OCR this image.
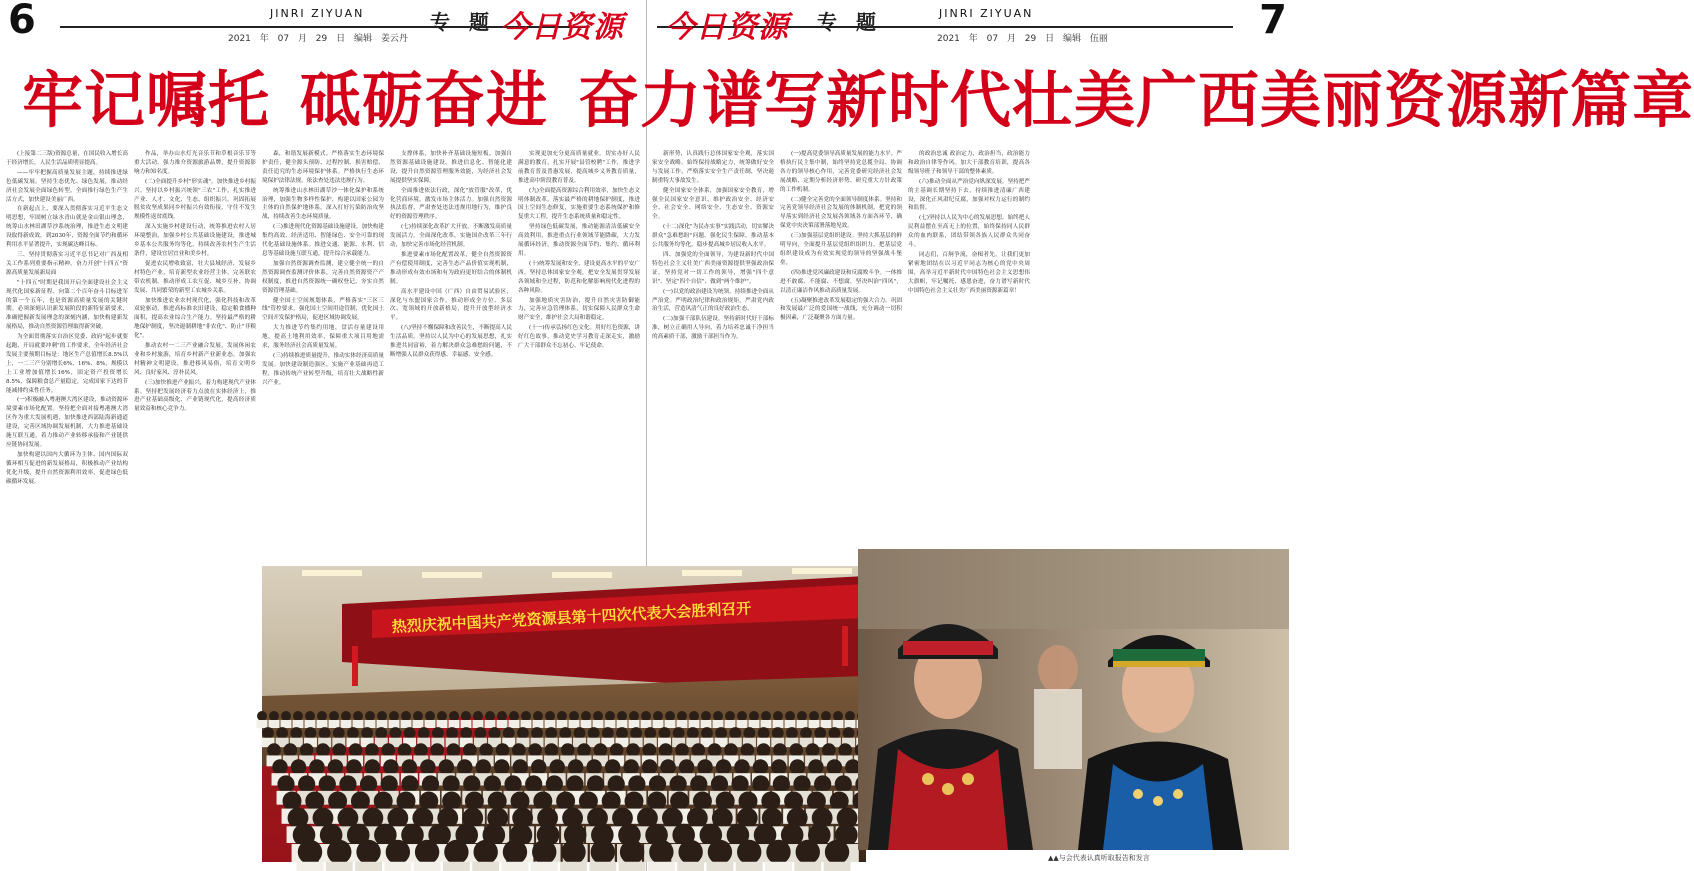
6	JINRI ZIYUAN	专 题 今日资源
2021 年 07 月 29 日 编辑 姜云丹	7
今日资源 专 题	JINRI ZIYUAN
2021 年 07 月 29 日 编辑 伍丽
牢记嘱托 砥砺奋进 奋力谱写新时代壮美广西美丽资源新篇章

(上接第二三版)资源总量，在国民收入增长高于经济增长，人民生活品质明显提高。

——牢牢把握高质量发展主题，持续推进绿色低碳发展。坚持生态优先、绿色发展，推动经济社会发展全面绿色转型。全面推行绿色生产生活方式，加快建设美丽广西。

在新起点上，要深入贯彻落实习近平生态文明思想，牢固树立绿水青山就是金山银山理念，统筹山水林田湖草沙系统治理，推进生态文明建设取得新成效。到2030年，资源全面节约和循环利用水平显著提升，实现碳达峰目标。

三、坚持贯彻落实习近平总书记对广西及相关工作系列重要指示精神，奋力开创"十四五"资源高质量发展新局面

"十四五"时期是我国开启全面建设社会主义现代化国家新征程、向第二个百年奋斗目标进军的第一个五年，也是资源高质量发展的关键时期。必须深刻认识新发展阶段的新特征新要求，准确把握新发展理念的深刻内涵，加快构建新发展格局，推动自然资源管理取得新突破。

为全面贯彻落实自治区党委、政府"起步就要起跑、开局就要冲刺"的工作要求，全年经济社会发展主要预期目标是：地区生产总值增长8.5%以上，一二三产分别增长6%、16%、8%，规模以上工业增加值增长16%，固定资产投资增长8.5%，保障粮食总产量稳定，完成国家下达的节能减排约束性任务。

(一)积极融入粤港澳大湾区建设，推动资源环境要素市场化配置。坚持把全面对接粤港澳大湾区作为重大发展机遇，加快推进西部陆海新通道建设，完善区域协调发展机制，大力推进基础设施互联互通，着力推动产业转移承接和产业链供应链协同发展。

加快构建以国内大循环为主体、国内国际双循环相互促进的新发展格局，积极推动产业结构优化升级，提升自然资源利用效率，促进绿色低碳循环发展。

作品，举办山水灯光音乐节和草根音乐节等重大活动。强力推介资源旅游品牌，提升资源影响力和知名度。

(二)全面提升乡村"形实魂"，加快推进乡村振兴。坚持以乡村振兴统领"三农"工作，扎实推进产业、人才、文化、生态、组织振兴。巩固拓展脱贫攻坚成果同乡村振兴有效衔接，守住不发生规模性返贫底线。

深入实施乡村建设行动，统筹推进农村人居环境整治，加强乡村公共基础设施建设，推进城乡基本公共服务均等化。持续改善农村生产生活条件，建设宜居宜业和美乡村。

促进农民增收致富，壮大县域经济，发展乡村特色产业，培育新型农业经营主体，完善联农带农机制。推动形成工农互促、城乡互补、协调发展、共同繁荣的新型工农城乡关系。

加快推进农业农村现代化，强化科技和改革双轮驱动，推进高标准农田建设，稳定粮食播种面积，提高农业综合生产能力。坚持最严格的耕地保护制度，坚决遏制耕地"非农化"、防止"非粮化"。

推动农村一二三产业融合发展，发展休闲农业和乡村旅游，培育乡村新产业新业态。加强农村精神文明建设，推进移风易俗，培育文明乡风、良好家风、淳朴民风。

(三)加快推进产业振兴，着力构建现代产业体系。坚持把发展经济着力点放在实体经济上，推进产业基础高级化、产业链现代化，提高经济质量效益和核心竞争力。

森，和谐发展新模式。严格落实生态环境保护责任，健全源头预防、过程控制、损害赔偿、责任追究的生态环境保护体系。严格执行生态环境保护法律法规，依法查处违法违规行为。

统筹推进山水林田湖草沙一体化保护和系统治理，加强生物多样性保护，构建以国家公园为主体的自然保护地体系。深入打好污染防治攻坚战，持续改善生态环境质量。

(三)推进现代化资源基础设施建设。加快构建集约高效、经济适用、智能绿色、安全可靠的现代化基础设施体系。推进交通、能源、水利、信息等基础设施互联互通，提升综合承载能力。

加强自然资源调查监测，建立健全统一的自然资源调查监测评价体系，完善自然资源资产产权制度，推进自然资源统一确权登记，夯实自然资源管理基础。

健全国土空间规划体系，严格落实"三区三线"管控要求，强化国土空间用途管制，优化国土空间开发保护格局，促进区域协调发展。

大力推进节约集约用地，盘活存量建设用地，提高土地利用效率，保障重大项目用地需求，服务经济社会高质量发展。

(三)持续推进质量提升，推动实体经济高质量发展。加快建设制造强区，实施产业基础再造工程，推动传统产业转型升级，培育壮大战略性新兴产业。

支撑体系，加快补齐基础设施短板。加强自然资源基础设施建设，推进信息化、智能化建设，提升自然资源管理服务效能，为经济社会发展提供坚实保障。

全面推进依法行政，深化"放管服"改革，优化营商环境，激发市场主体活力。加强自然资源执法监督，严肃查处违法违规用地行为，维护良好的资源管理秩序。

(七)持续深化改革扩大开放，不断激发高质量发展活力。全面深化改革，实施国企改革三年行动，加快完善市场化经营机制。

推进要素市场化配置改革，健全自然资源资产有偿使用制度，完善生态产品价值实现机制，推动形成有效市场和有为政府更好结合的体制机制。

高水平建设中国（广西）自由贸易试验区，深化与东盟国家合作，推动形成全方位、多层次、宽领域的开放新格局，提升开放型经济水平。

(八)坚持不懈保障和改善民生，不断提高人民生活品质。坚持以人民为中心的发展思想，扎实推进共同富裕，着力解决群众急难愁盼问题，不断增强人民群众获得感、幸福感、安全感。

实现更加充分更高质量就业。切实办好人民满意的教育，扎实开展"县管校聘"工作，推进学前教育普及普惠发展，提高城乡义务教育质量，推进高中阶段教育普及。

(九)全面提高资源综合利用效率，加快生态文明体制改革。落实最严格的耕地保护制度，推进国土空间生态修复，实施重要生态系统保护和修复重大工程，提升生态系统质量和稳定性。

坚持绿色低碳发展，推动能源清洁低碳安全高效利用，推进重点行业领域节能降碳，大力发展循环经济，推动资源全面节约、集约、循环利用。

(十)统筹发展和安全，建设更高水平的平安广西。坚持总体国家安全观，把安全发展贯穿发展各领域和全过程，防范和化解影响现代化进程的各种风险。

加强地质灾害防治，提升自然灾害防御能力，完善应急管理体系，切实保障人民群众生命财产安全，维护社会大局和谐稳定。

(十一)传承弘扬红色文化。用好红色资源，讲好红色故事，推动党史学习教育走深走实，激励广大干部群众不忘初心、牢记使命。

新形势，认真践行总体国家安全观，落实国家安全战略。始终保持战略定力，统筹做好安全与发展工作，严格落实安全生产责任制，坚决遏制重特大事故发生。

健全国家安全体系，加强国家安全教育，增强全民国家安全意识，维护政治安全、经济安全、社会安全、网络安全、生态安全、资源安全。

(十二)深化"为民办实事"实践活动，切实解决群众"急难愁盼"问题。强化民生保障，推动基本公共服务均等化，稳步提高城乡居民收入水平。

四、加强党的全面领导，为建设新时代中国特色社会主义壮美广西美丽资源提供坚强政治保证。坚持党对一切工作的领导，增强"四个意识"、坚定"四个自信"、做到"两个维护"。

(一)以党的政治建设为统领，持续推进全面从严治党。严明政治纪律和政治规矩，严肃党内政治生活，营造风清气正的良好政治生态。

(二)加强干部队伍建设。坚持新时代好干部标准，树立正确用人导向，着力培养忠诚干净担当的高素质干部，激励干部担当作为。

(一)提高党委领导高质量发展的能力水平。严格执行民主集中制，始终坚持党总揽全局、协调各方的领导核心作用，完善党委研究经济社会发展战略、定期分析经济形势、研究重大方针政策的工作机制。

(二)健全完善党的全面领导制度体系。坚持和完善党领导经济社会发展的体制机制，把党的领导落实到经济社会发展各领域各方面各环节，确保党中央决策部署落地见效。

(三)加强基层党组织建设。坚持大抓基层的鲜明导向，全面提升基层党组织组织力，把基层党组织建设成为有效实现党的领导的坚强战斗堡垒。

(四)推进党风廉政建设和反腐败斗争。一体推进不敢腐、不能腐、不想腐，坚决纠治"四风"，以清正廉洁作风推动高质量发展。

(五)凝聚推进改革发展稳定的强大合力。巩固和发展最广泛的爱国统一战线，充分调动一切积极因素，广泛凝聚各方面力量。

的政治忠诚 政治定力，政治担当，政治能力和政治自律等作风。加大干部教育培训，提高各级领导班子和领导干部的整体素质。

(六)推动全面从严治党向纵深发展。坚持把严的主基调长期坚持下去，持续推进清廉广西建设，深化正风肃纪反腐，加强对权力运行的制约和监督。

(七)坚持以人民为中心的发展思想。始终把人民利益摆在至高无上的位置，始终保持同人民群众的血肉联系，团结带领各族人民群众共同奋斗。

同志们，百舸争流，奋楫者先。让我们更加紧密地团结在以习近平同志为核心的党中央周围，高举习近平新时代中国特色社会主义思想伟大旗帜，牢记嘱托、感恩奋进，奋力谱写新时代中国特色社会主义壮美广西美丽资源新篇章！

热烈庆祝中国共产党资源县第十四次代表大会胜利召开
▲▲与会代表认真听取报告和发言
